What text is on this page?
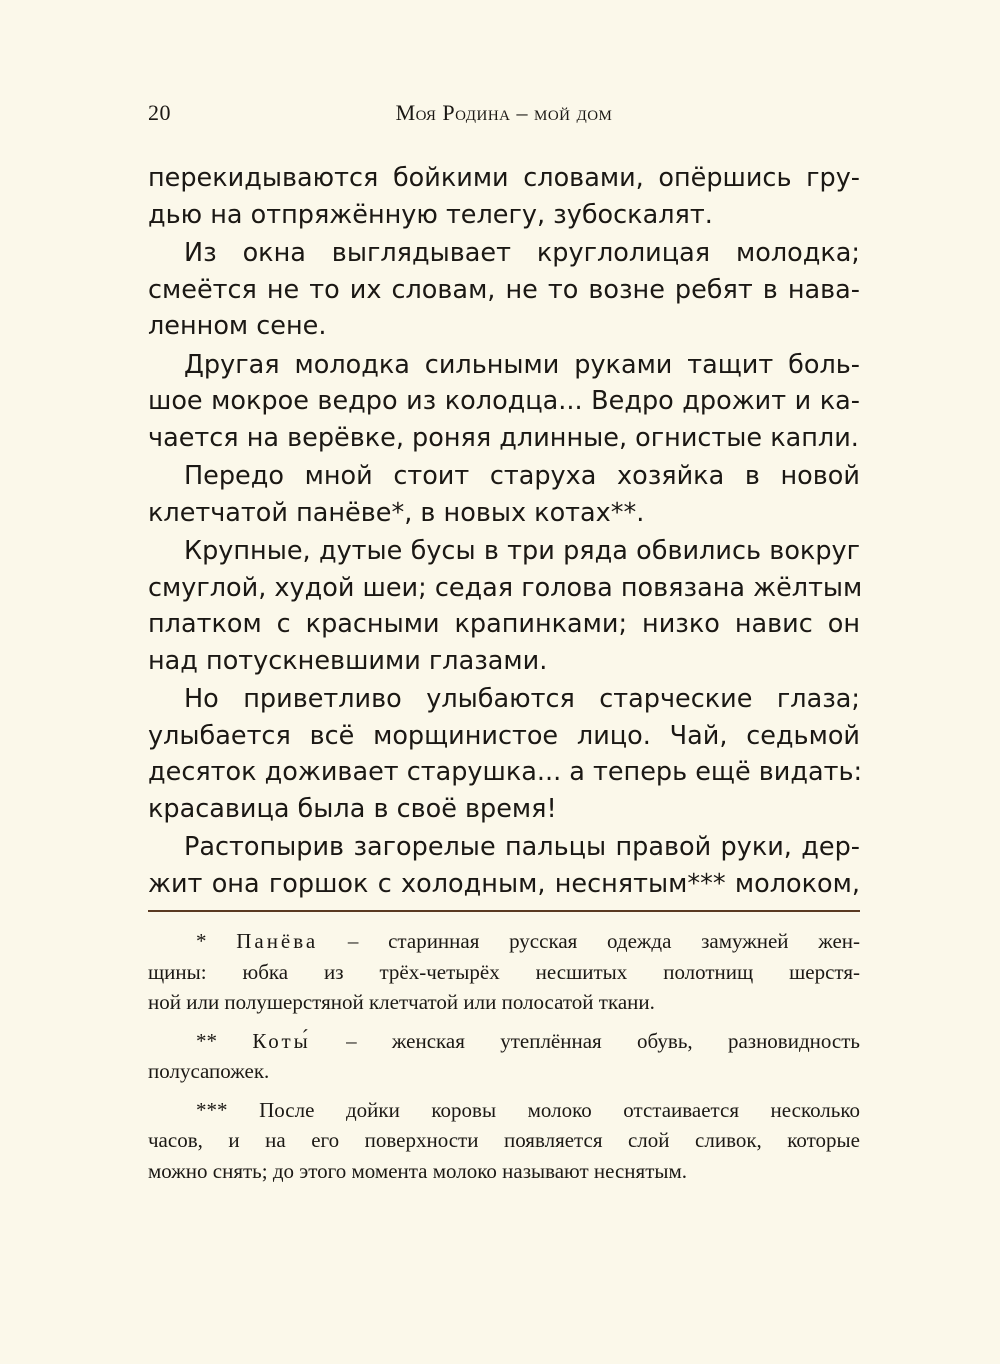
20	Моя Родина – мой дом
перекидываются бойкими словами, опёршись гру-
дью на отпряжённую телегу, зубоскалят.
Из окна выглядывает круглолицая молодка;
смеётся не то их словам, не то возне ребят в нава-
ленном сене.
Другая молодка сильными руками тащит боль-
шое мокрое ведро из колодца... Ведро дрожит и ка-
чается на верёвке, роняя длинные, огнистые капли.
Передо мной стоит старуха хозяйка в новой
клетчатой панёве*, в новых котах**.
Крупные, дутые бусы в три ряда обвились вокруг
смуглой, худой шеи; седая голова повязана жёлтым
платком с красными крапинками; низко навис он
над потускневшими глазами.
Но приветливо улыбаются старческие глаза;
улыбается всё морщинистое лицо. Чай, седьмой
десяток доживает старушка... а теперь ещё видать:
красавица была в своё время!
Растопырив загорелые пальцы правой руки, дер-
жит она горшок с холодным, неснятым*** молоком,
* Панёва – старинная русская одежда замужней жен-
щины: юбка из трёх-четырёх несшитых полотнищ шерстя-
ной или полушерстяной клетчатой или полосатой ткани.
** Коты́ – женская утеплённая обувь, разновидность
полусапожек.
*** После дойки коровы молоко отстаивается несколько
часов, и на его поверхности появляется слой сливок, которые
можно снять; до этого момента молоко называют неснятым.
